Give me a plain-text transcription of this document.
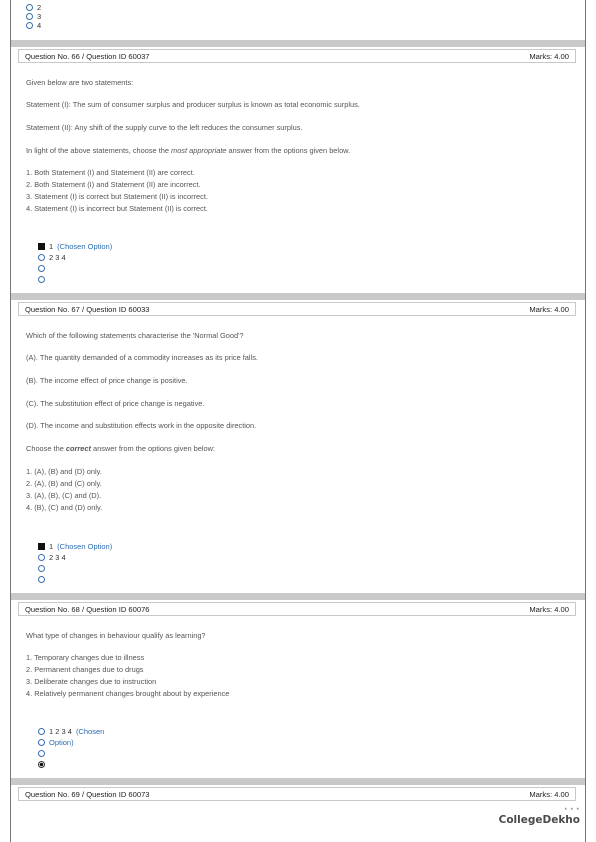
2
3
4
Question No. 66 / Question ID 60037	Marks: 4.00

Given below are two statements:

Statement (I): The sum of consumer surplus and producer surplus is known as total economic surplus.

Statement (II): Any shift of the supply curve to the left reduces the consumer surplus.

In light of the above statements, choose the most appropriate answer from the options given below.

1. Both Statement (I) and Statement (II) are correct.

2. Both Statement (I) and Statement (II) are incorrect.

3. Statement (I) is correct but Statement (II) is incorrect.

4. Statement (I) is incorrect but Statement (II) is correct.

1 (Chosen Option)
2 3 4
Question No. 67 / Question ID 60033	Marks: 4.00

Which of the following statements characterise the 'Normal Good'?

(A). The quantity demanded of a commodity increases as its price falls.

(B). The income effect of price change is positive.

(C). The substitution effect of price change is negative.

(D). The income and substitution effects work in the opposite direction.

Choose the correct answer from the options given below:

1. (A), (B) and (D) only.

2. (A), (B) and (C) only.

3. (A), (B), (C) and (D).

4. (B), (C) and (D) only.

1 (Chosen Option)
2 3 4
Question No. 68 / Question ID 60076	Marks: 4.00

What type of changes in behaviour qualify as learning?

1. Temporary changes due to illness

2. Permanent changes due to drugs

3. Deliberate changes due to instruction

4. Relatively permanent changes brought about by experience

1 2 3 4 (Chosen
Option)
Question No. 69 / Question ID 60073	Marks: 4.00
* * *
CollegeDekho
